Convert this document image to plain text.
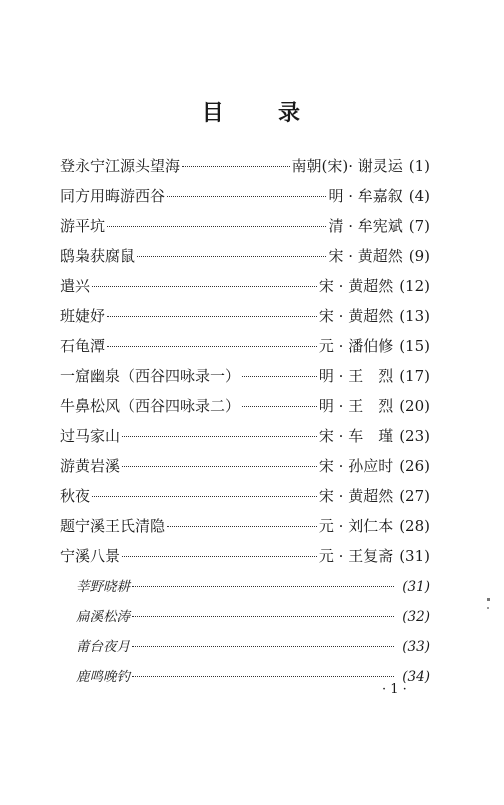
目 录
登永宁江源头望海	南朝(宋)· 谢灵运 (1)
同方用晦游西谷	明 · 牟嘉叙 (4)
游平坑	清 · 牟宪斌 (7)
鸱枭获腐鼠	宋 · 黄超然 (9)
遣兴	宋 · 黄超然 (12)
班婕妤	宋 · 黄超然 (13)
石龟潭	元 · 潘伯修 (15)
一窟幽泉（西谷四咏录一）	明 · 王　烈 (17)
牛鼻松风（西谷四咏录二）	明 · 王　烈 (20)
过马家山	宋 · 车　瑾 (23)
游黄岩溪	宋 · 孙应时 (26)
秋夜	宋 · 黄超然 (27)
题宁溪王氏清隐	元 · 刘仁本 (28)
宁溪八景	元 · 王复斋 (31)
莘野晓耕	(31)
扁溪松涛	(32)
莆台夜月	(33)
鹿鸣晚钓	(34)
· 1 ·
